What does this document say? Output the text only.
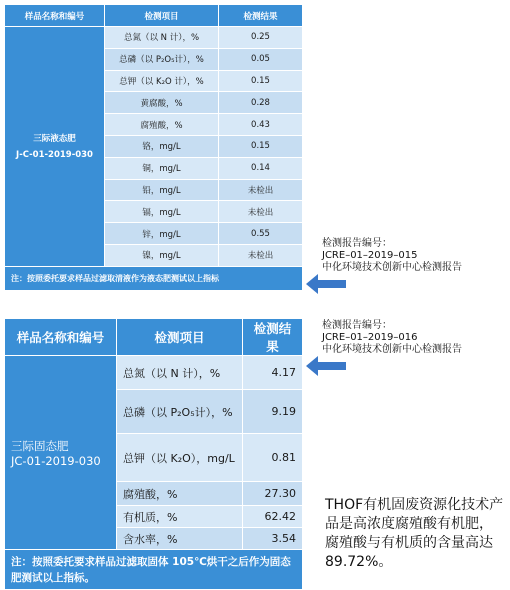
样品名称和编号	检测项目	检测结果

三际液态肥
J-C-01-2019-030	总氮（以 N 计），%	0.25
	总磷（以 P₂O₅计），%	0.05
	总钾（以 K₂O 计），%	0.15
	黄腐酸，%	0.28
	腐殖酸，%	0.43
	铬，mg/L	0.15
	铜，mg/L	0.14
	铅，mg/L	未检出
	镉，mg/L	未检出
	锌，mg/L	0.55
	镍，mg/L	未检出
注：按照委托要求样品过滤取清液作为液态肥测试以上指标		
检测报告编号：
JCRE–01–2019–015
中化环境技术创新中心检测报告
样品名称和编号	检测项目	检测结果

三际固态肥
JC-01-2019-030	总氮（以 N 计），%	4.17
	总磷（以 P₂O₅计），%	9.19
	总钾（以 K₂O），mg/L	0.81
	腐殖酸，%	27.30
	有机质，%	62.42
	含水率，%	3.54
注：按照委托要求样品过滤取固体 105℃烘干之后作为固态肥测试以上指标。		
检测报告编号：
JCRE–01–2019–016
中化环境技术创新中心检测报告
THOF有机固废资源化技术产品是高浓度腐殖酸有机肥，腐殖酸与有机质的含量高达89.72%。
